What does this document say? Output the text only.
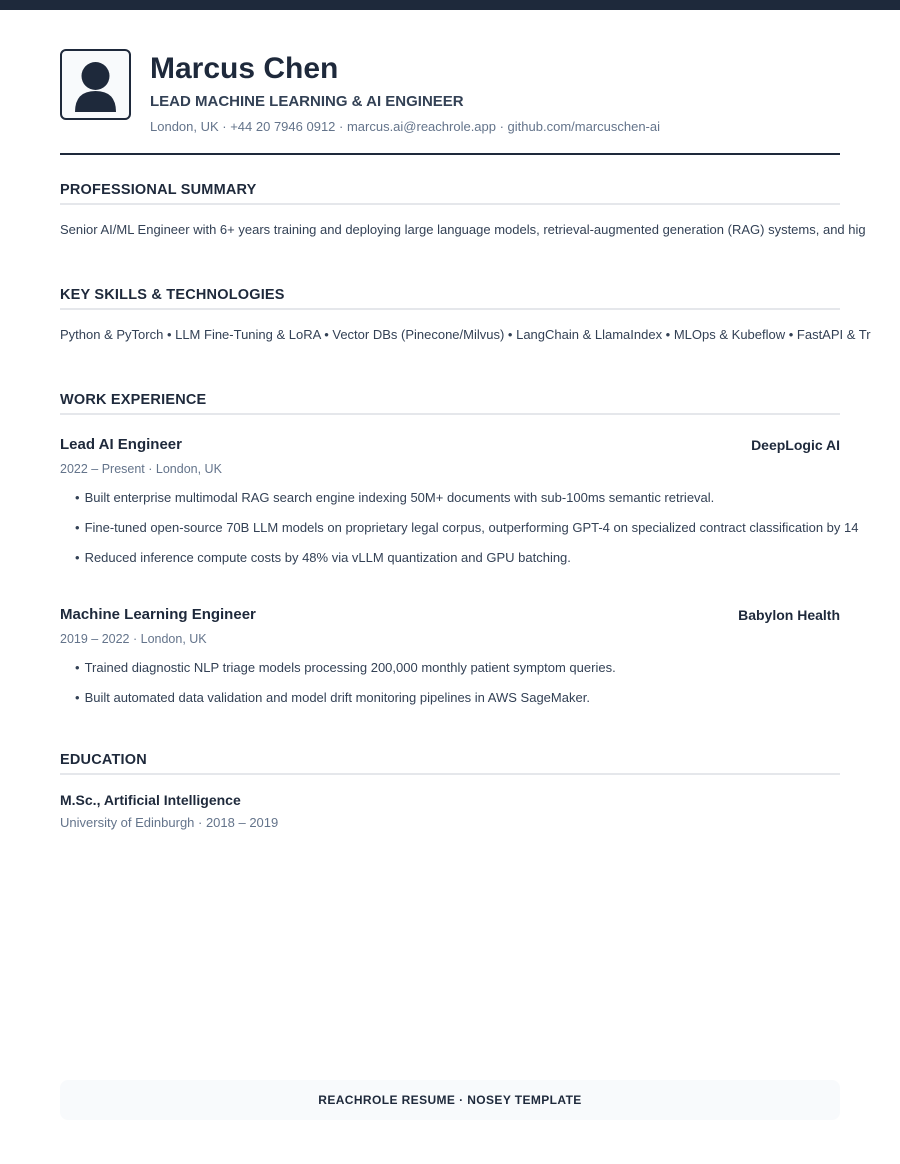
Marcus Chen
LEAD MACHINE LEARNING & AI ENGINEER
London, UK · +44 20 7946 0912 · marcus.ai@reachrole.app · github.com/marcuschen-ai
PROFESSIONAL SUMMARY
Senior AI/ML Engineer with 6+ years training and deploying large language models, retrieval-augmented generation (RAG) systems, and hig
KEY SKILLS & TECHNOLOGIES
Python & PyTorch • LLM Fine-Tuning & LoRA • Vector DBs (Pinecone/Milvus) • LangChain & LlamaIndex • MLOps & Kubeflow • FastAPI & Tr
WORK EXPERIENCE
Lead AI Engineer	DeepLogic AI
2022 – Present · London, UK
• Built enterprise multimodal RAG search engine indexing 50M+ documents with sub-100ms semantic retrieval.
• Fine-tuned open-source 70B LLM models on proprietary legal corpus, outperforming GPT-4 on specialized contract classification by 14
• Reduced inference compute costs by 48% via vLLM quantization and GPU batching.
Machine Learning Engineer	Babylon Health
2019 – 2022 · London, UK
• Trained diagnostic NLP triage models processing 200,000 monthly patient symptom queries.
• Built automated data validation and model drift monitoring pipelines in AWS SageMaker.
EDUCATION
M.Sc., Artificial Intelligence
University of Edinburgh · 2018 – 2019
REACHROLE RESUME · NOSEY TEMPLATE
